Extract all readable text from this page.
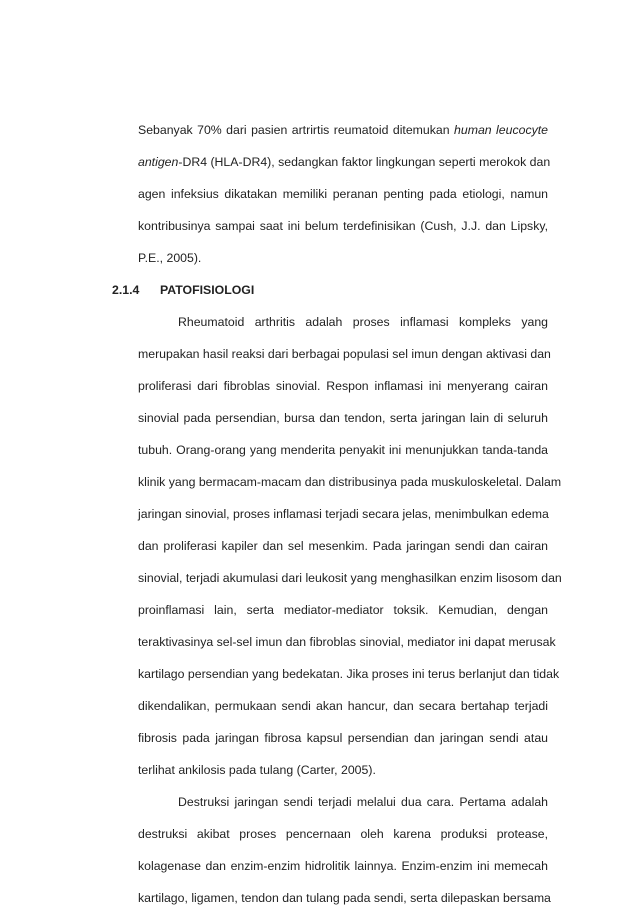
Sebanyak 70% dari pasien artrirtis reumatoid ditemukan human leucocyte
antigen-DR4 (HLA-DR4), sedangkan faktor lingkungan seperti merokok dan
agen infeksius dikatakan memiliki peranan penting pada etiologi, namun
kontribusinya sampai saat ini belum terdefinisikan (Cush, J.J. dan Lipsky,
P.E., 2005).
2.1.4 PATOFISIOLOGI
Rheumatoid arthritis adalah proses inflamasi kompleks yang
merupakan hasil reaksi dari berbagai populasi sel imun dengan aktivasi dan
proliferasi dari fibroblas sinovial. Respon inflamasi ini menyerang cairan
sinovial pada persendian, bursa dan tendon, serta jaringan lain di seluruh
tubuh. Orang-orang yang menderita penyakit ini menunjukkan tanda-tanda
klinik yang bermacam-macam dan distribusinya pada muskuloskeletal. Dalam
jaringan sinovial, proses inflamasi terjadi secara jelas, menimbulkan edema
dan proliferasi kapiler dan sel mesenkim. Pada jaringan sendi dan cairan
sinovial, terjadi akumulasi dari leukosit yang menghasilkan enzim lisosom dan
proinflamasi lain, serta mediator-mediator toksik. Kemudian, dengan
teraktivasinya sel-sel imun dan fibroblas sinovial, mediator ini dapat merusak
kartilago persendian yang bedekatan. Jika proses ini terus berlanjut dan tidak
dikendalikan, permukaan sendi akan hancur, dan secara bertahap terjadi
fibrosis pada jaringan fibrosa kapsul persendian dan jaringan sendi atau
terlihat ankilosis pada tulang (Carter, 2005).
Destruksi jaringan sendi terjadi melalui dua cara. Pertama adalah
destruksi akibat proses pencernaan oleh karena produksi protease,
kolagenase dan enzim-enzim hidrolitik lainnya. Enzim-enzim ini memecah
kartilago, ligamen, tendon dan tulang pada sendi, serta dilepaskan bersama
